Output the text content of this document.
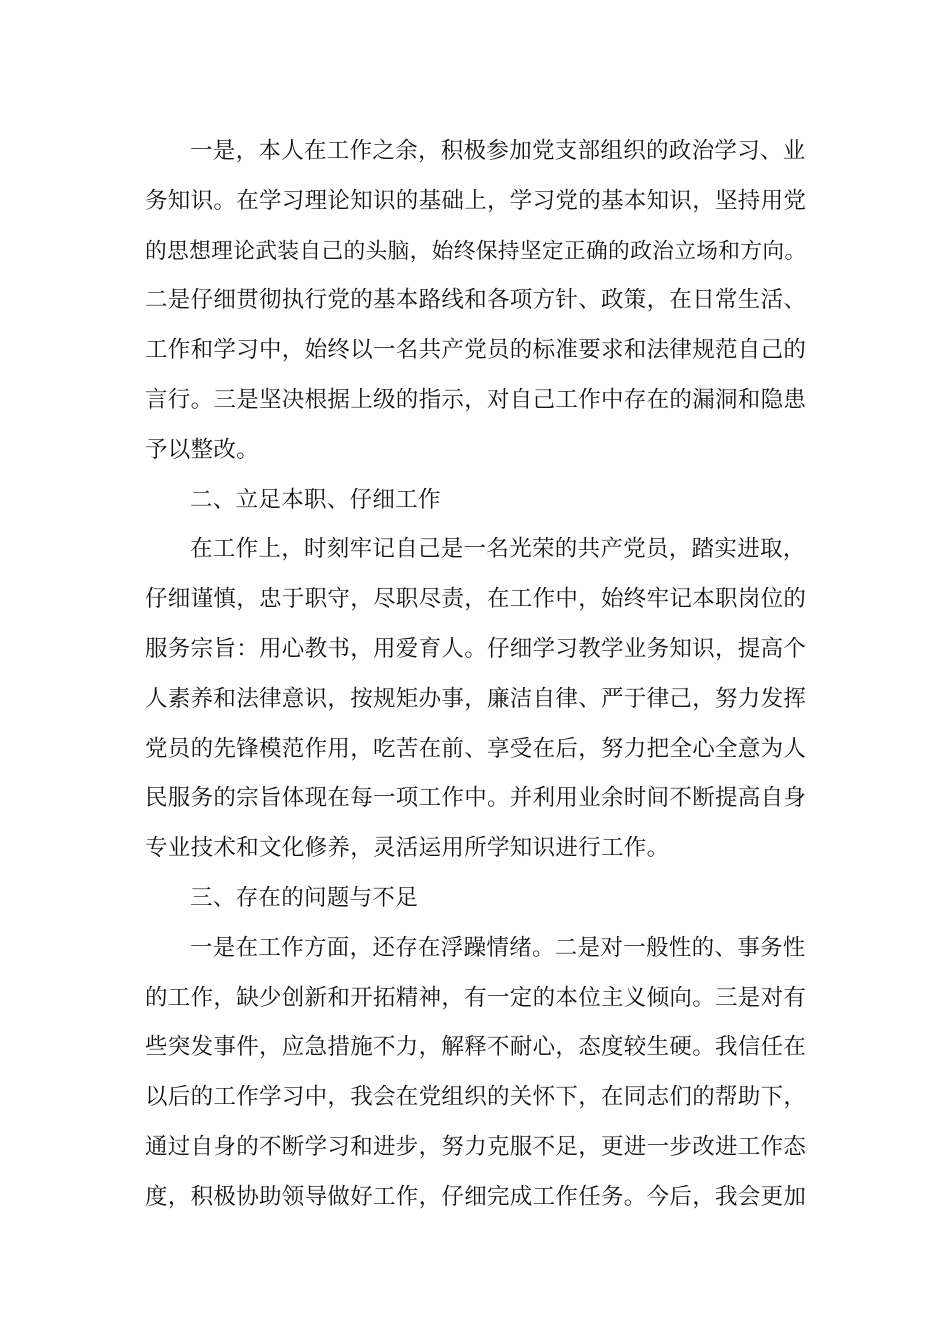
一是，本人在工作之余，积极参加党支部组织的政治学习、业
务知识。在学习理论知识的基础上，学习党的基本知识，坚持用党
的思想理论武装自己的头脑，始终保持坚定正确的政治立场和方向。
二是仔细贯彻执行党的基本路线和各项方针、政策，在日常生活、
工作和学习中，始终以一名共产党员的标准要求和法律规范自己的
言行。三是坚决根据上级的指示，对自己工作中存在的漏洞和隐患
予以整改。
二、立足本职、仔细工作
在工作上，时刻牢记自己是一名光荣的共产党员，踏实进取，
仔细谨慎，忠于职守，尽职尽责，在工作中，始终牢记本职岗位的
服务宗旨：用心教书，用爱育人。仔细学习教学业务知识，提高个
人素养和法律意识，按规矩办事，廉洁自律、严于律己，努力发挥
党员的先锋模范作用，吃苦在前、享受在后，努力把全心全意为人
民服务的宗旨体现在每一项工作中。并利用业余时间不断提高自身
专业技术和文化修养，灵活运用所学知识进行工作。
三、存在的问题与不足
一是在工作方面，还存在浮躁情绪。二是对一般性的、事务性
的工作，缺少创新和开拓精神，有一定的本位主义倾向。三是对有
些突发事件，应急措施不力，解释不耐心，态度较生硬。我信任在
以后的工作学习中，我会在党组织的关怀下，在同志们的帮助下，
通过自身的不断学习和进步，努力克服不足，更进一步改进工作态
度，积极协助领导做好工作，仔细完成工作任务。今后，我会更加
